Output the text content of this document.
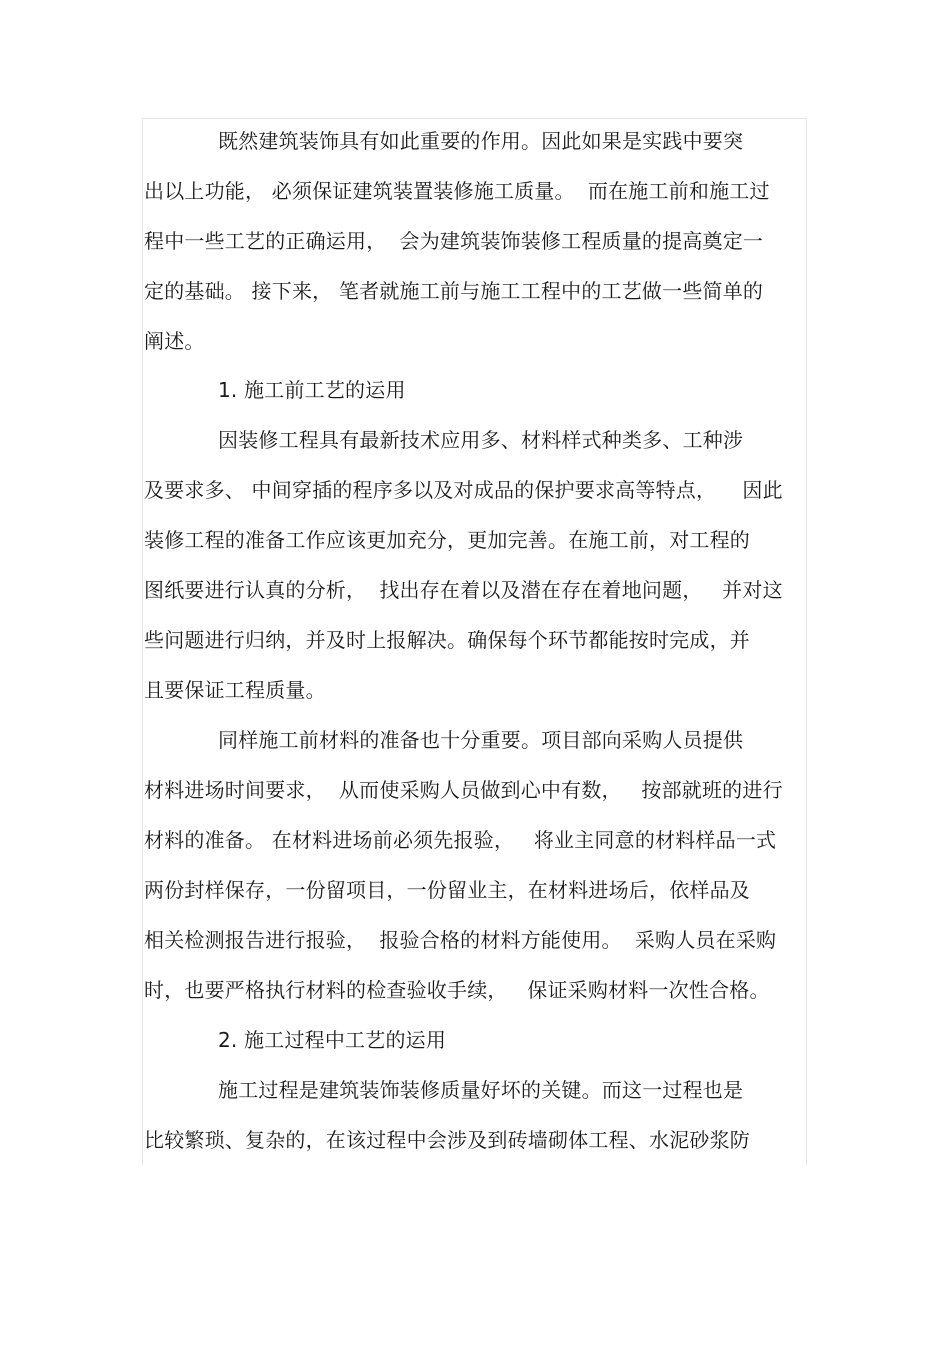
既然建筑装饰具有如此重要的作用。因此如果是实践中要突
出以上功能， 必须保证建筑装置装修施工质量。  而在施工前和施工过
程中一些工艺的正确运用，  会为建筑装饰装修工程质量的提高奠定一
定的基础。 接下来， 笔者就施工前与施工工程中的工艺做一些简单的
阐述。
1. 施工前工艺的运用
因装修工程具有最新技术应用多、材料样式种类多、工种涉
及要求多、 中间穿插的程序多以及对成品的保护要求高等特点，    因此
装修工程的准备工作应该更加充分，更加完善。在施工前，对工程的
图纸要进行认真的分析，  找出存在着以及潜在存在着地问题，   并对这
些问题进行归纳，并及时上报解决。确保每个环节都能按时完成，并
且要保证工程质量。
同样施工前材料的准备也十分重要。项目部向采购人员提供
材料进场时间要求，  从而使采购人员做到心中有数，   按部就班的进行
材料的准备。 在材料进场前必须先报验，   将业主同意的材料样品一式
两份封样保存，一份留项目，一份留业主，在材料进场后，依样品及
相关检测报告进行报验，  报验合格的材料方能使用。  采购人员在采购
时，也要严格执行材料的检查验收手续，   保证采购材料一次性合格。
2. 施工过程中工艺的运用
施工过程是建筑装饰装修质量好坏的关键。而这一过程也是
比较繁琐、复杂的，在该过程中会涉及到砖墙砌体工程、水泥砂浆防
